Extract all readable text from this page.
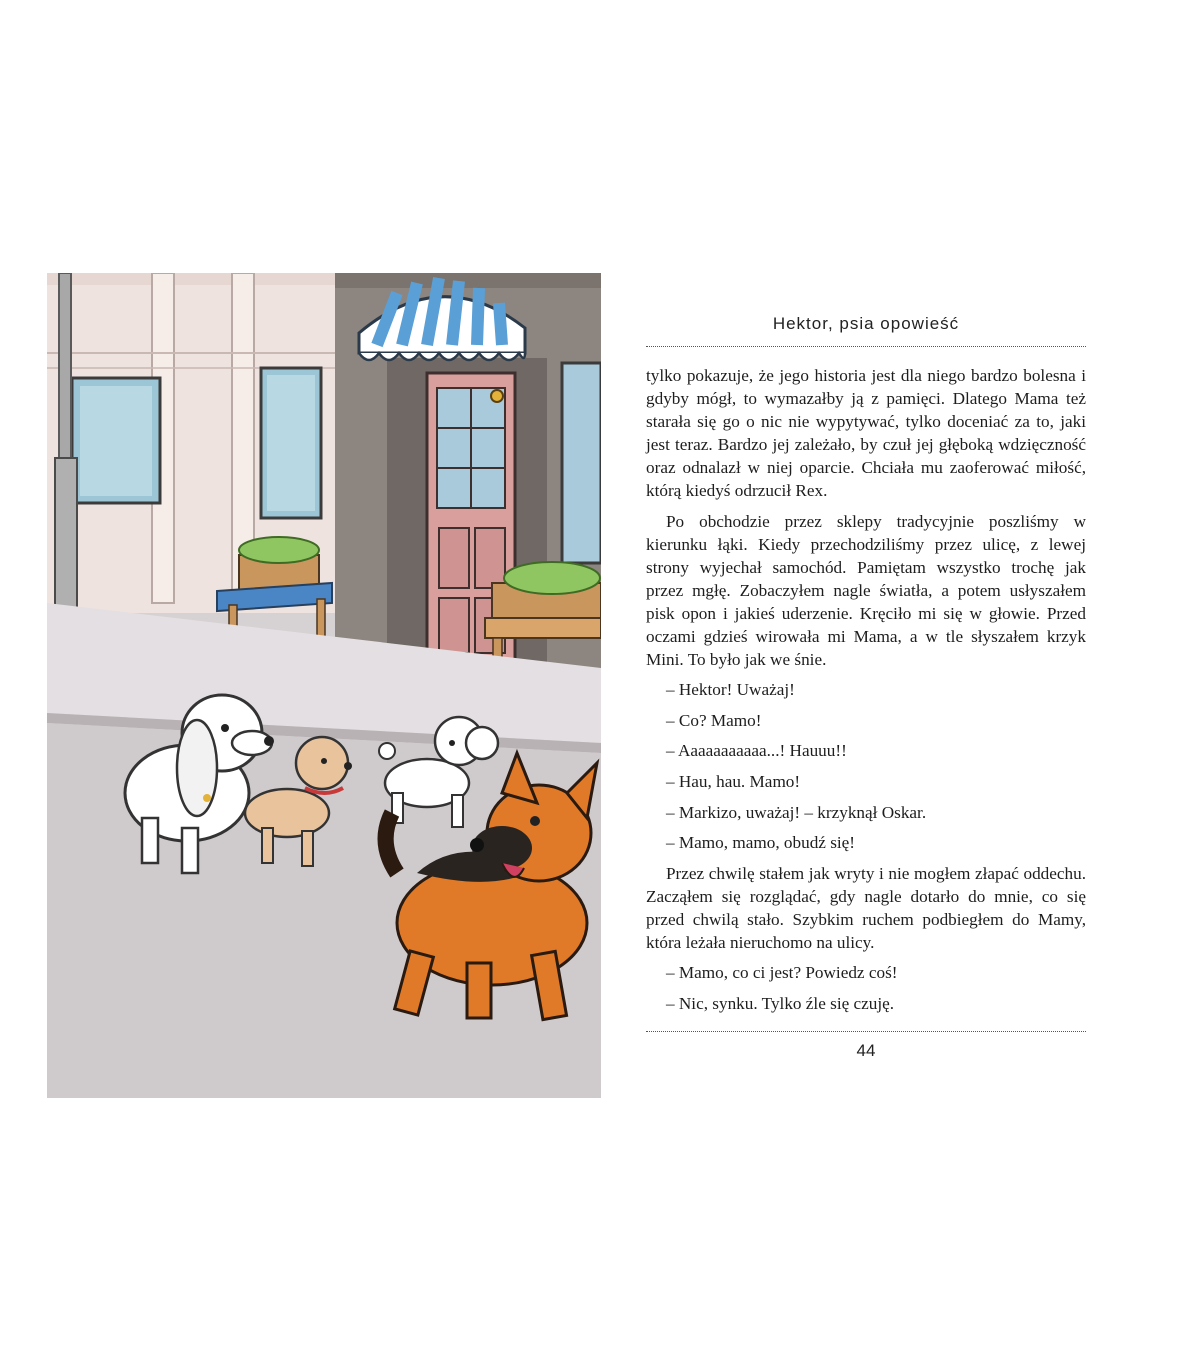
Hektor, psia opowieść

tylko pokazuje, że jego historia jest dla niego bardzo bolesna i gdyby mógł, to wymazałby ją z pamięci. Dlatego Mama też starała się go o nic nie wypytywać, tylko doceniać za to, jaki jest teraz. Bardzo jej zależało, by czuł jej głęboką wdzięczność oraz odnalazł w niej oparcie. Chciała mu zaoferować miłość, którą kiedyś odrzucił Rex.

Po obchodzie przez sklepy tradycyjnie poszliśmy w kierunku łąki. Kiedy przechodziliśmy przez ulicę, z lewej strony wyjechał samochód. Pamiętam wszystko trochę jak przez mgłę. Zobaczyłem nagle światła, a potem usłyszałem pisk opon i jakieś uderzenie. Kręciło mi się w głowie. Przed oczami gdzieś wirowała mi Mama, a w tle słyszałem krzyk Mini. To było jak we śnie.

– Hektor! Uważaj!

– Co? Mamo!

– Aaaaaaaaaaa...! Hauuu!!

– Hau, hau. Mamo!

– Markizo, uważaj! – krzyknął Oskar.

– Mamo, mamo, obudź się!

Przez chwilę stałem jak wryty i nie mogłem złapać oddechu. Zacząłem się rozglądać, gdy nagle dotarło do mnie, co się przed chwilą stało. Szybkim ruchem podbiegłem do Mamy, która leżała nieruchomo na ulicy.

– Mamo, co ci jest? Powiedz coś!

– Nic, synku. Tylko źle się czuję.

44
